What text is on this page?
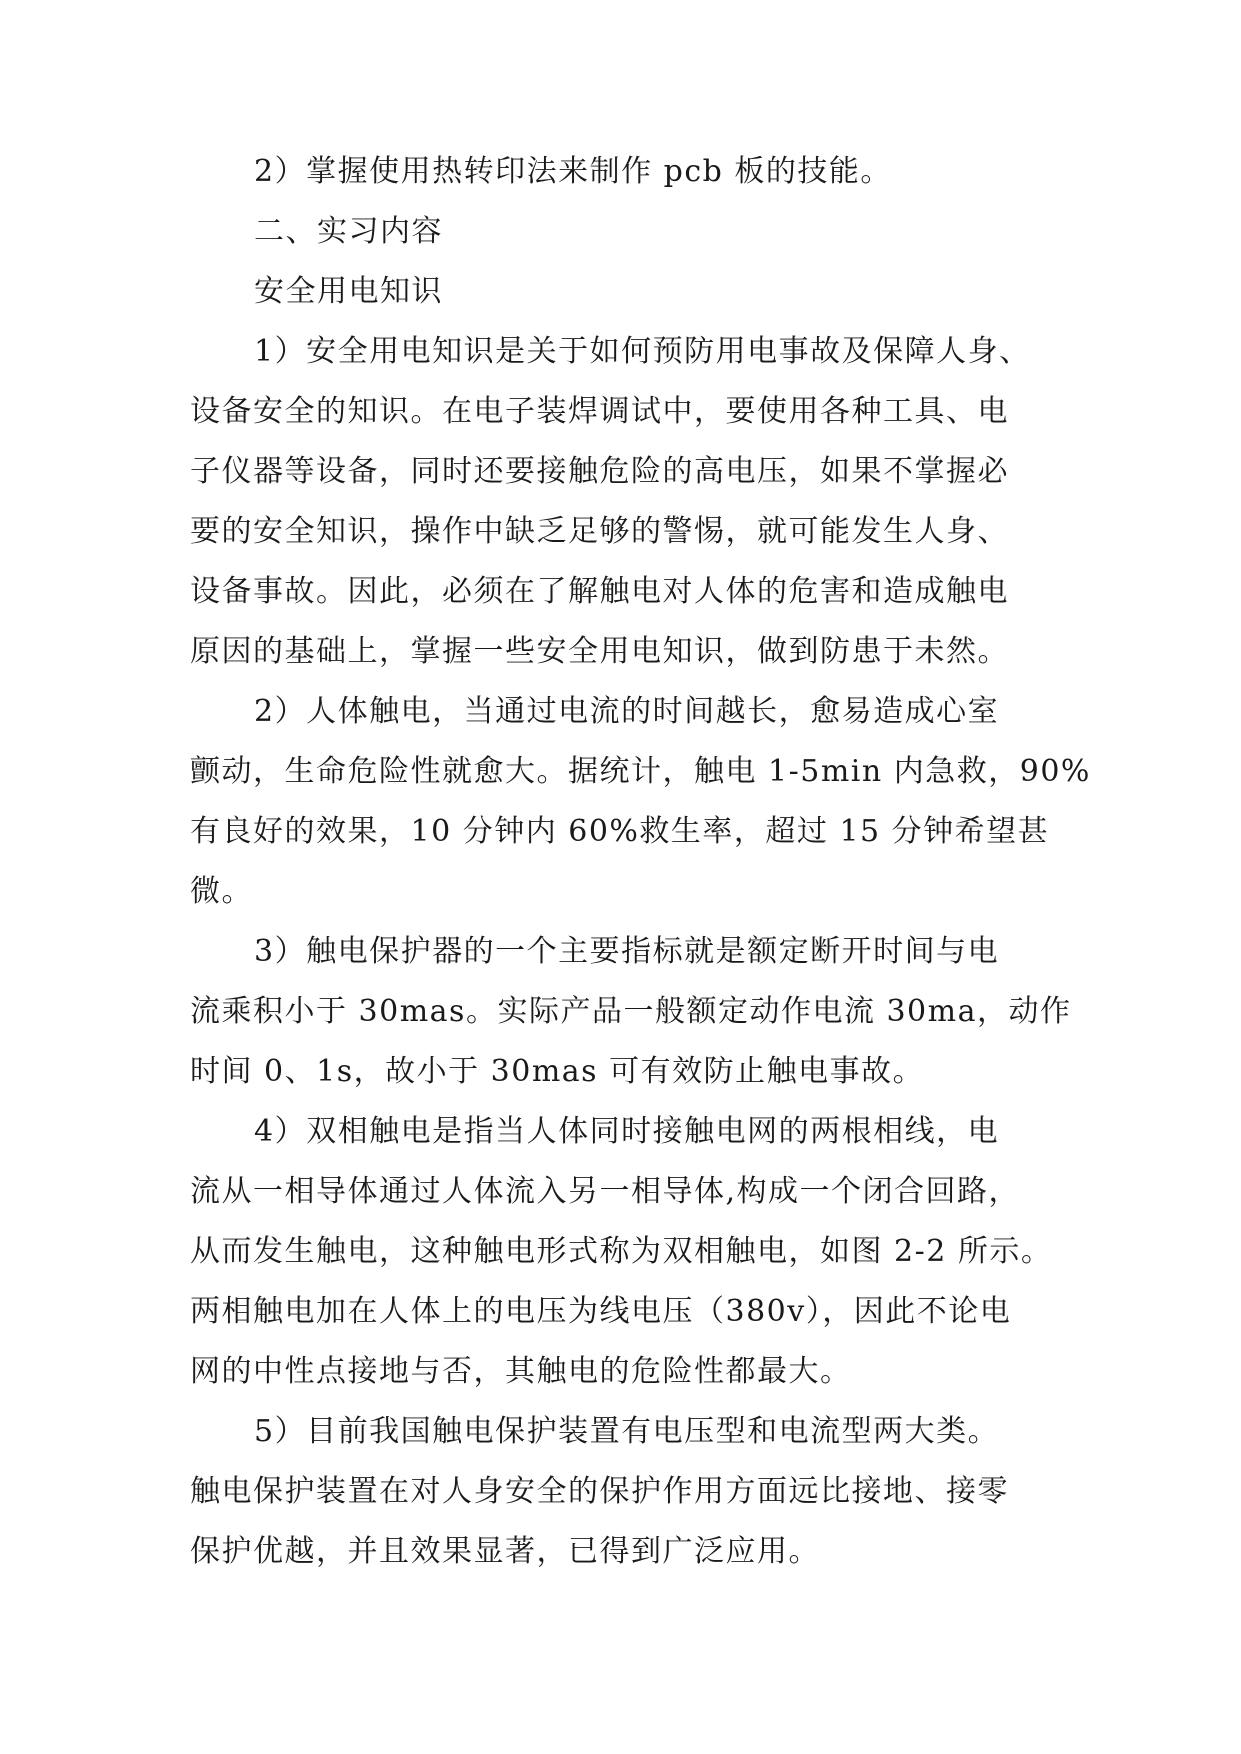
2）掌握使用热转印法来制作 pcb 板的技能。
二、实习内容
安全用电知识
1）安全用电知识是关于如何预防用电事故及保障人身、
设备安全的知识。在电子装焊调试中，要使用各种工具、电
子仪器等设备，同时还要接触危险的高电压，如果不掌握必
要的安全知识，操作中缺乏足够的警惕，就可能发生人身、
设备事故。因此，必须在了解触电对人体的危害和造成触电
原因的基础上，掌握一些安全用电知识，做到防患于未然。
2）人体触电，当通过电流的时间越长，愈易造成心室
颤动，生命危险性就愈大。据统计，触电 1-5min 内急救，90%
有良好的效果，10 分钟内 60%救生率，超过 15 分钟希望甚
微。
3）触电保护器的一个主要指标就是额定断开时间与电
流乘积小于 30mas。实际产品一般额定动作电流 30ma，动作
时间 0、1s，故小于 30mas 可有效防止触电事故。
4）双相触电是指当人体同时接触电网的两根相线，电
流从一相导体通过人体流入另一相导体,构成一个闭合回路，
从而发生触电，这种触电形式称为双相触电，如图 2-2 所示。
两相触电加在人体上的电压为线电压（380v），因此不论电
网的中性点接地与否，其触电的危险性都最大。
5）目前我国触电保护装置有电压型和电流型两大类。
触电保护装置在对人身安全的保护作用方面远比接地、接零
保护优越，并且效果显著，已得到广泛应用。
